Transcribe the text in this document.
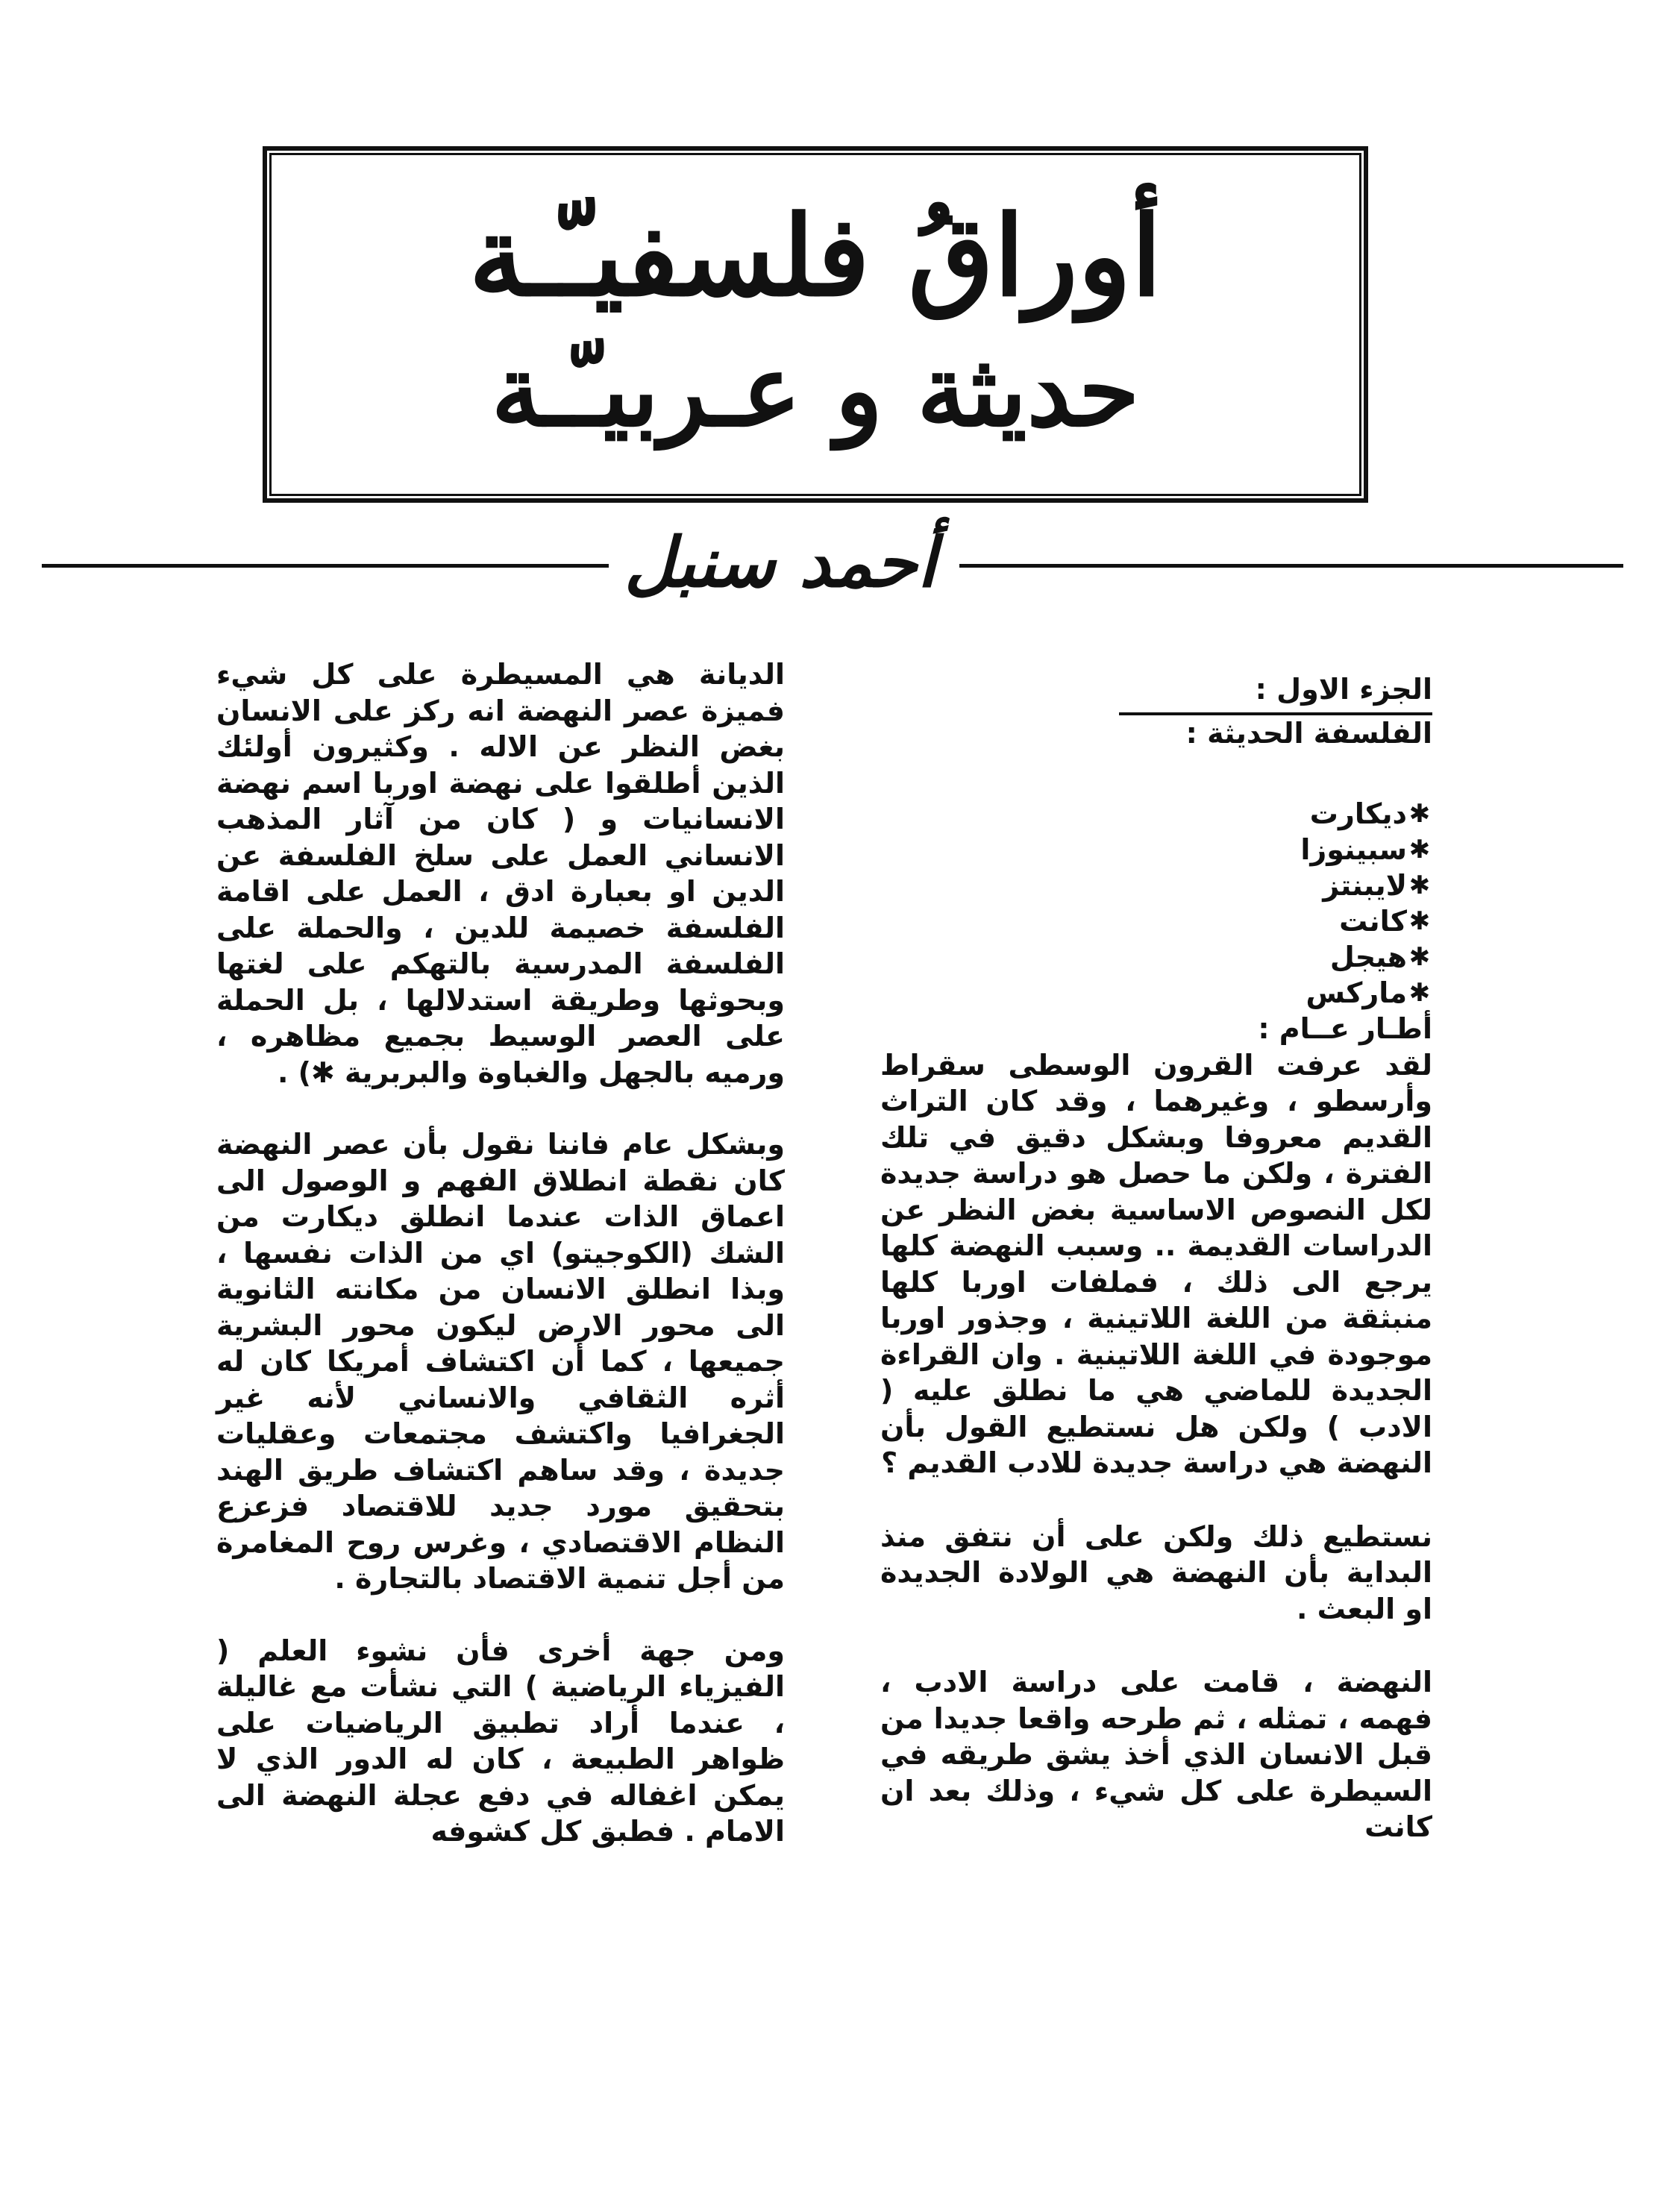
أوراقُ فلسفيـّـة
حديثة و عـربيـّـة
أحمد سنبل

الجزء الاول :

الفلسفة الحديثة :

✱
ديكارت
✱
سبينوزا
✱
لايبنتز
✱
كانت
✱
هيجل
✱
ماركس

أطـار عــام :

لقد عرفت القرون الوسطى سقراط وأرسطو ، وغيرهما ، وقد كان التراث القديم معروفا وبشكل دقيق في تلك الفترة ، ولكن ما حصل هو دراسة جديدة لكل النصوص الاساسية بغض النظر عن الدراسات القديمة .. وسبب النهضة كلها يرجع الى ذلك ، فملفات اوربا كلها منبثقة من اللغة اللاتينية ، وجذور اوربا موجودة في اللغة اللاتينية . وان القراءة الجديدة للماضي هي ما نطلق عليه ( الادب ) ولكن هل نستطيع القول بأن النهضة هي دراسة جديدة للادب القديم ؟

نستطيع ذلك ولكن على أن نتفق منذ البداية بأن النهضة هي الولادة الجديدة او البعث .

النهضة ، قامت على دراسة الادب ، فهمه ، تمثله ، ثم طرحه واقعا جديدا من قبل الانسان الذي أخذ يشق طريقه في السيطرة على كل شيء ، وذلك بعد ان كانت

الديانة هي المسيطرة على كل شيء فميزة عصر النهضة انه ركز على الانسان بغض النظر عن الاله . وكثيرون أولئك الذين أطلقوا على نهضة اوربا اسم نهضة الانسانيات و ( كان من آثار المذهب الانساني العمل على سلخ الفلسفة عن الدين او بعبارة ادق ، العمل على اقامة الفلسفة خصيمة للدين ، والحملة على الفلسفة المدرسية بالتهكم على لغتها وبحوثها وطريقة استدلالها ، بل الحملة على العصر الوسيط بجميع مظاهره ، ورميه بالجهل والغباوة والبربرية ✱) .

وبشكل عام فاننا نقول بأن عصر النهضة كان نقطة انطلاق الفهم و الوصول الى اعماق الذات عندما انطلق ديكارت من الشك (الكوجيتو) اي من الذات نفسها ، وبذا انطلق الانسان من مكانته الثانوية الى محور الارض ليكون محور البشرية جميعها ، كما أن اكتشاف أمريكا كان له أثره الثقافي والانساني لأنه غير الجغرافيا واكتشف مجتمعات وعقليات جديدة ، وقد ساهم اكتشاف طريق الهند بتحقيق مورد جديد للاقتصاد فزعزع النظام الاقتصادي ، وغرس روح المغامرة من أجل تنمية الاقتصاد بالتجارة .

ومن جهة أخرى فأن نشوء العلم ( الفيزياء الرياضية ) التي نشأت مع غاليلة ، عندما أراد تطبيق الرياضيات على ظواهر الطبيعة ، كان له الدور الذي لا يمكن اغفاله في دفع عجلة النهضة الى الامام . فطبق كل كشوفه
